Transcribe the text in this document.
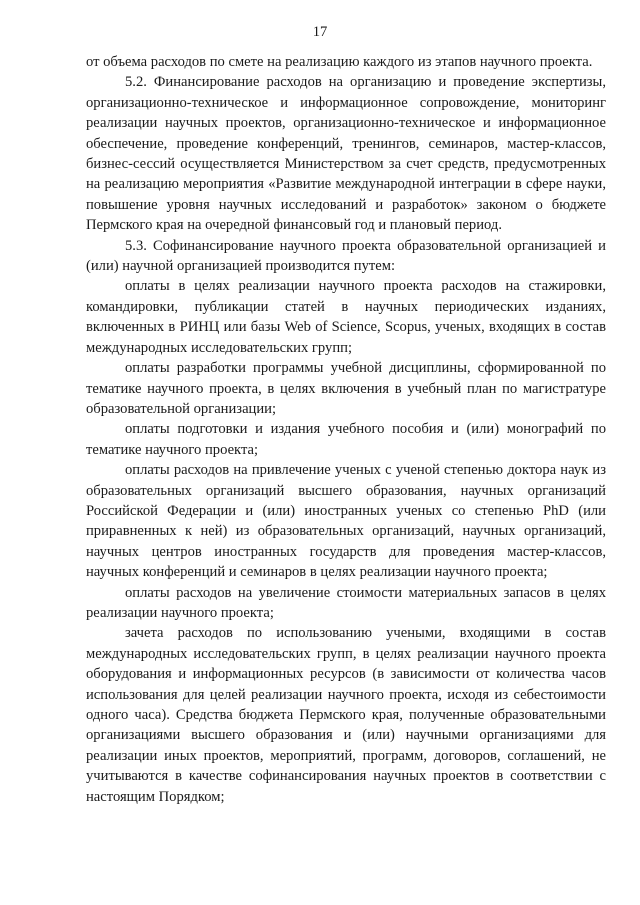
17

от объема расходов по смете на реализацию каждого из этапов научного проекта.

5.2. Финансирование расходов на организацию и проведение экспертизы, организационно-техническое и информационное сопровождение, мониторинг реализации научных проектов, организационно-техническое и информационное обеспечение, проведение конференций, тренингов, семинаров, мастер-классов, бизнес-сессий осуществляется Министерством за счет средств, предусмотренных на реализацию мероприятия «Развитие международной интеграции в сфере науки, повышение уровня научных исследований и разработок» законом о бюджете Пермского края на очередной финансовый год и плановый период.

5.3. Софинансирование научного проекта образовательной организацией и (или) научной организацией производится путем:

оплаты в целях реализации научного проекта расходов на стажировки, командировки, публикации статей в научных периодических изданиях, включенных в РИНЦ или базы Web of Science, Scopus, ученых, входящих в состав международных исследовательских групп;

оплаты разработки программы учебной дисциплины, сформированной по тематике научного проекта, в целях включения в учебный план по магистратуре образовательной организации;

оплаты подготовки и издания учебного пособия и (или) монографий по тематике научного проекта;

оплаты расходов на привлечение ученых с ученой степенью доктора наук из образовательных организаций высшего образования, научных организаций Российской Федерации и (или) иностранных ученых со степенью PhD (или приравненных к ней) из образовательных организаций, научных организаций, научных центров иностранных государств для проведения мастер-классов, научных конференций и семинаров в целях реализации научного проекта;

оплаты расходов на увеличение стоимости материальных запасов в целях реализации научного проекта;

зачета расходов по использованию учеными, входящими в состав международных исследовательских групп, в целях реализации научного проекта оборудования и информационных ресурсов (в зависимости от количества часов использования для целей реализации научного проекта, исходя из себестоимости одного часа). Средства бюджета Пермского края, полученные образовательными организациями высшего образования и (или) научными организациями для реализации иных проектов, мероприятий, программ, договоров, соглашений, не учитываются в качестве софинансирования научных проектов в соответствии с настоящим Порядком;
